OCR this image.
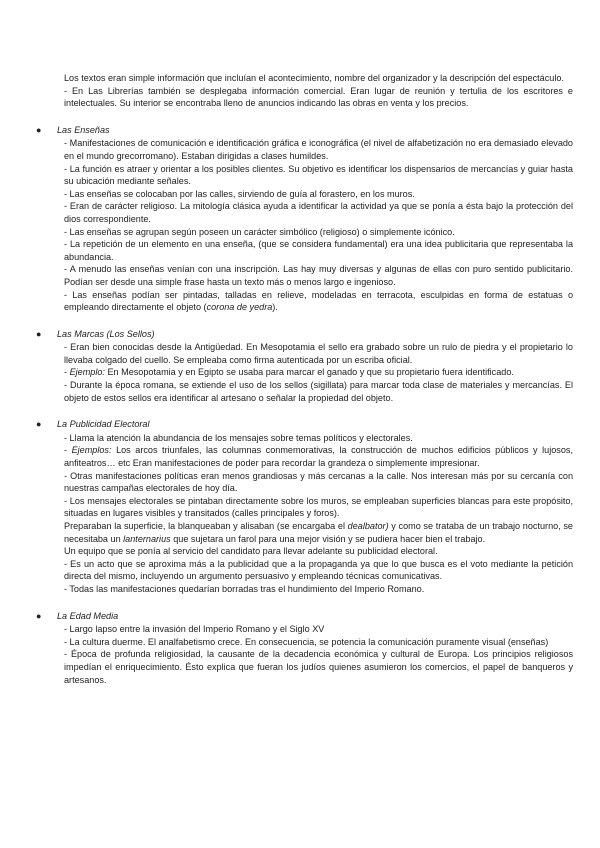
Los textos eran simple información que incluían el acontecimiento, nombre del organizador y la descripción del espectáculo.

- En Las Librerías también se desplegaba información comercial. Eran lugar de reunión y tertulia de los escritores e intelectuales. Su interior se encontraba lleno de anuncios indicando las obras en venta y los precios.

● Las Enseñas

- Manifestaciones de comunicación e identificación gráfica e iconográfica (el nivel de alfabetización no era demasiado elevado en el mundo grecorromano). Estaban dirigidas a clases humildes.

- La función es atraer y orientar a los posibles clientes. Su objetivo es identificar los dispensarios de mercancías y guiar hasta su ubicación mediante señales.

- Las enseñas se colocaban por las calles, sirviendo de guía al forastero, en los muros.

- Eran de carácter religioso. La mitología clásica ayuda a identificar la actividad ya que se ponía a ésta bajo la protección del dios correspondiente.

- Las enseñas se agrupan según poseen un carácter simbólico (religioso) o simplemente icónico.

- La repetición de un elemento en una enseña, (que se considera fundamental) era una idea publicitaria que representaba la abundancia.

- A menudo las enseñas venían con una inscripción. Las hay muy diversas y algunas de ellas con puro sentido publicitario. Podían ser desde una simple frase hasta un texto más o menos largo e ingenioso.

- Las enseñas podían ser pintadas, talladas en relieve, modeladas en terracota, esculpidas en forma de estatuas o empleando directamente el objeto (corona de yedra).

● Las Marcas (Los Sellos)

- Eran bien conocidas desde la Antigüedad. En Mesopotamia el sello era grabado sobre un rulo de piedra y el propietario lo llevaba colgado del cuello. Se empleaba como firma autenticada por un escriba oficial.

- Ejemplo: En Mesopotamia y en Egipto se usaba para marcar el ganado y que su propietario fuera identificado.

- Durante la época romana, se extiende el uso de los sellos (sigillata) para marcar toda clase de materiales y mercancías. El objeto de estos sellos era identificar al artesano o señalar la propiedad del objeto.

● La Publicidad Electoral

- Llama la atención la abundancia de los mensajes sobre temas políticos y electorales.

- Ejemplos: Los arcos triunfales, las columnas conmemorativas, la construcción de muchos edificios públicos y lujosos, anfiteatros… etc Eran manifestaciones de poder para recordar la grandeza o simplemente impresionar.

- Otras manifestaciones políticas eran menos grandiosas y más cercanas a la calle. Nos interesan más por su cercanía con nuestras campañas electorales de hoy día.

- Los mensajes electorales se pintaban directamente sobre los muros, se empleaban superficies blancas para este propósito, situadas en lugares visibles y transitados (calles principales y foros).

Preparaban la superficie, la blanqueaban y alisaban (se encargaba el dealbator) y como se trataba de un trabajo nocturno, se necesitaba un lanternarius que sujetara un farol para una mejor visión y se pudiera hacer bien el trabajo.

Un equipo que se ponía al servicio del candidato para llevar adelante su publicidad electoral.

- Es un acto que se aproxima más a la publicidad que a la propaganda ya que lo que busca es el voto mediante la petición directa del mismo, incluyendo un argumento persuasivo y empleando técnicas comunicativas.

- Todas las manifestaciones quedarían borradas tras el hundimiento del Imperio Romano.

● La Edad Media

- Largo lapso entre la invasión del Imperio Romano y el Siglo XV

- La cultura duerme. El analfabetismo crece. En consecuencia, se potencia la comunicación puramente visual (enseñas)

- Época de profunda religiosidad, la causante de la decadencia económica y cultural de Europa. Los principios religiosos impedían el enriquecimiento. Ésto explica que fueran los judíos quienes asumieron los comercios, el papel de banqueros y artesanos.
